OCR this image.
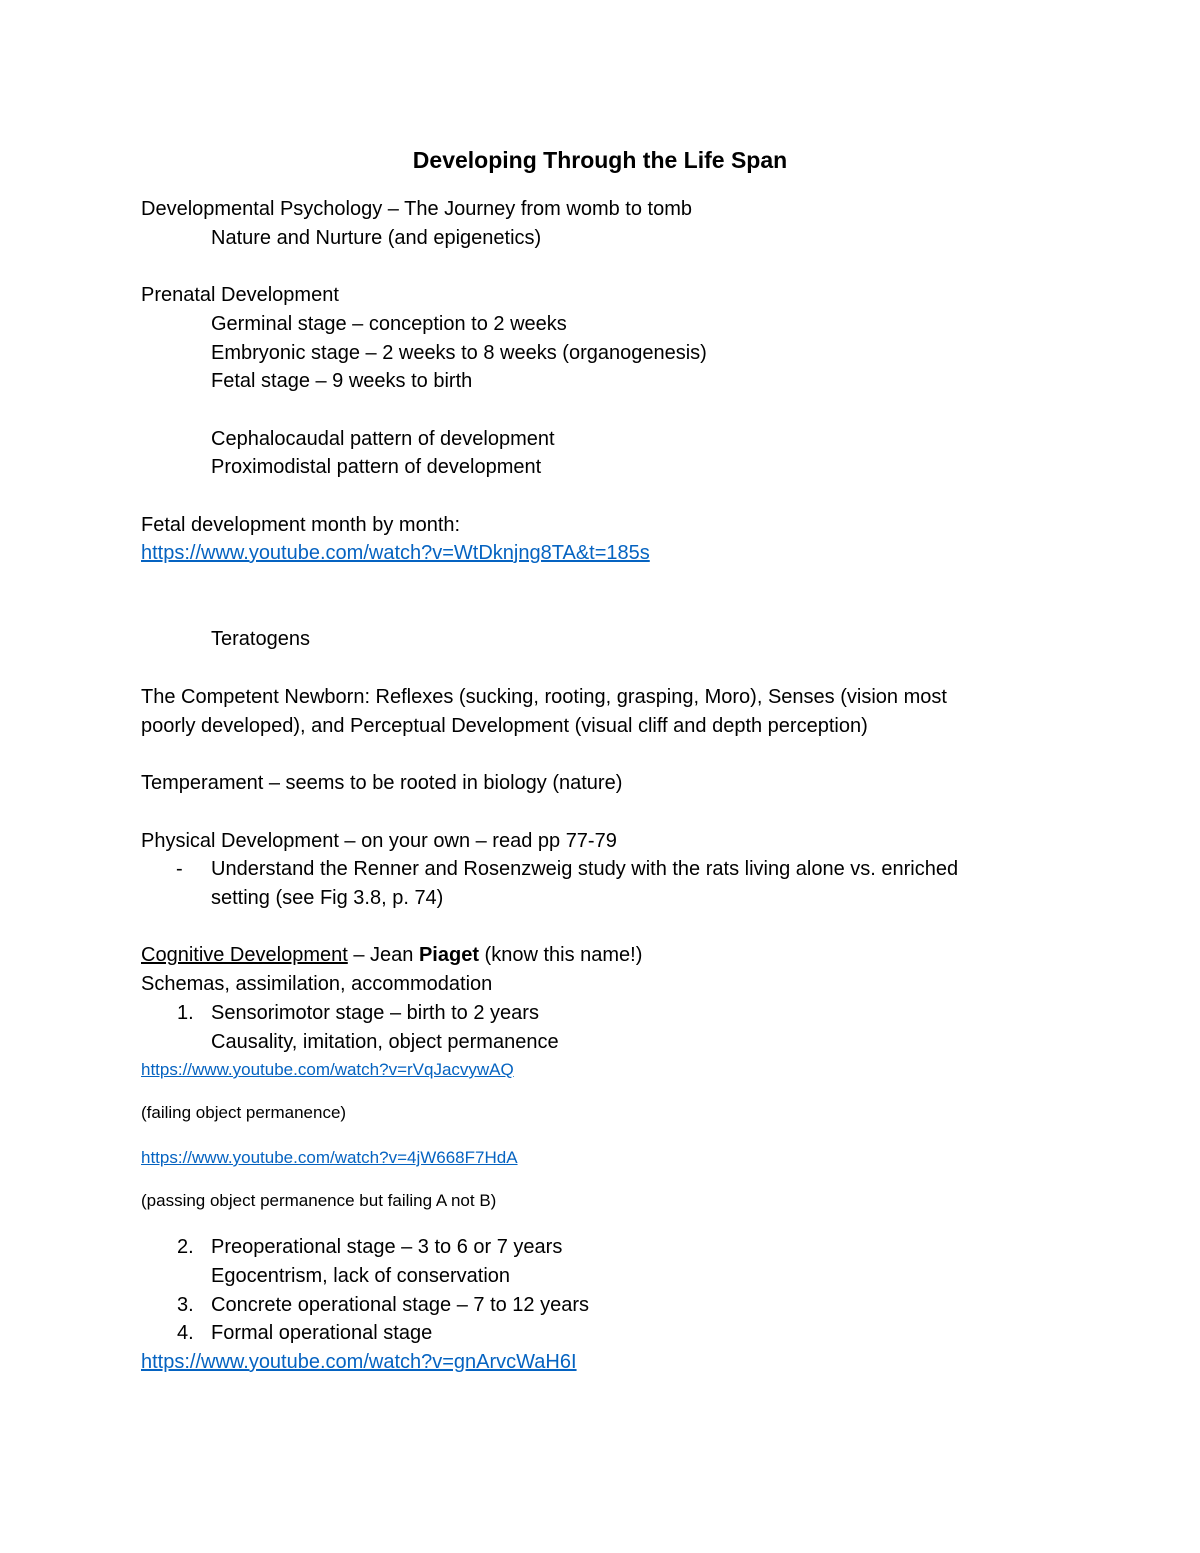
Developing Through the Life Span
Developmental Psychology – The Journey from womb to tomb
Nature and Nurture (and epigenetics)
Prenatal Development
Germinal stage – conception to 2 weeks
Embryonic stage – 2 weeks to 8 weeks (organogenesis)
Fetal stage – 9 weeks to birth
Cephalocaudal pattern of development
Proximodistal pattern of development
Fetal development month by month:
https://www.youtube.com/watch?v=WtDknjng8TA&t=185s
Teratogens
The Competent Newborn: Reflexes (sucking, rooting, grasping, Moro), Senses (vision most
poorly developed), and Perceptual Development (visual cliff and depth perception)
Temperament – seems to be rooted in biology (nature)
Physical Development – on your own – read pp 77-79
- Understand the Renner and Rosenzweig study with the rats living alone vs. enriched
setting (see Fig 3.8, p. 74)
Cognitive Development – Jean Piaget (know this name!)
Schemas, assimilation, accommodation
1. Sensorimotor stage – birth to 2 years
Causality, imitation, object permanence
https://www.youtube.com/watch?v=rVqJacvywAQ
(failing object permanence)
https://www.youtube.com/watch?v=4jW668F7HdA
(passing object permanence but failing A not B)
2. Preoperational stage – 3 to 6 or 7 years
Egocentrism, lack of conservation
3. Concrete operational stage – 7 to 12 years
4. Formal operational stage
https://www.youtube.com/watch?v=gnArvcWaH6I
